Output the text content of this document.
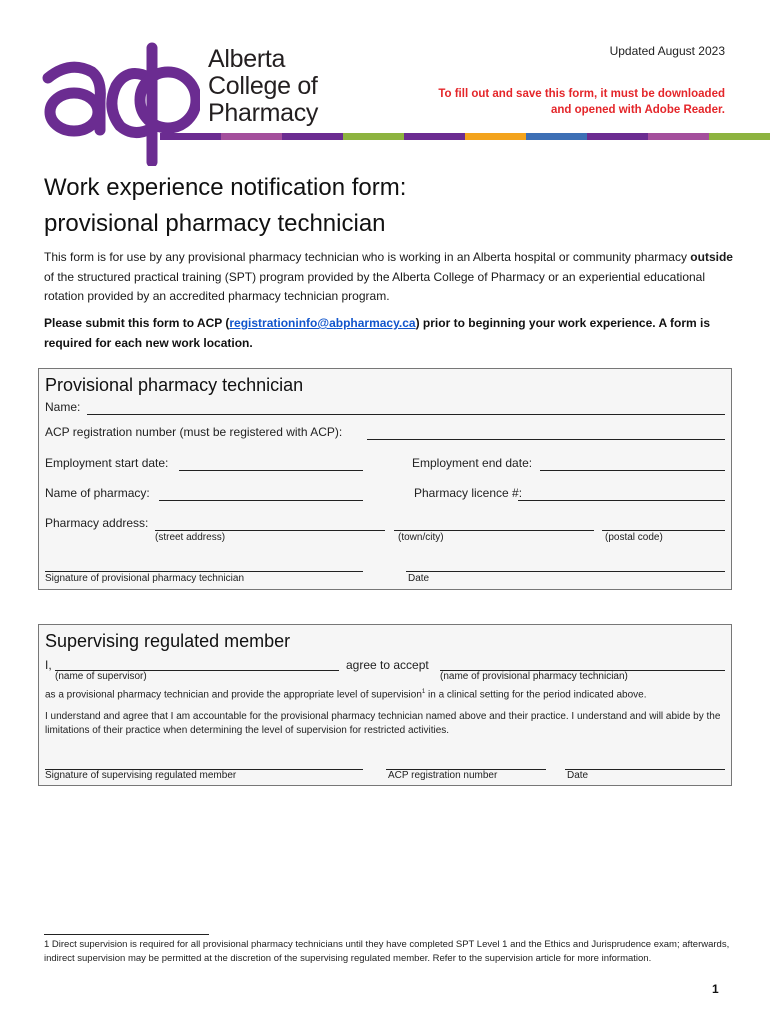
Alberta
College of
Pharmacy
Updated August 2023
To fill out and save this form, it must be downloaded
and opened with Adobe Reader.
Work experience notification form:
provisional pharmacy technician
This form is for use by any provisional pharmacy technician who is working in an Alberta hospital or community pharmacy outside of the structured practical training (SPT) program provided by the Alberta College of Pharmacy or an experiential educational rotation provided by an accredited pharmacy technician program.
Please submit this form to ACP (registrationinfo@abpharmacy.ca) prior to beginning your work experience. A form is required for each new work location.
Provisional pharmacy technician
Name:
ACP registration number (must be registered with ACP):
Employment start date:	Employment end date:
Name of pharmacy:	Pharmacy licence #:
Pharmacy address:
(street address)	(town/city)	(postal code)
Signature of provisional pharmacy technician	Date
Supervising regulated member
I,
(name of supervisor)
agree to accept
(name of provisional pharmacy technician)
as a provisional pharmacy technician and provide the appropriate level of supervision$^1$ in a clinical setting for the period indicated above.
I understand and agree that I am accountable for the provisional pharmacy technician named above and their practice. I understand and will abide by the limitations of their practice when determining the level of supervision for restricted activities.
Signature of supervising regulated member	ACP registration number	Date
1 Direct supervision is required for all provisional pharmacy technicians until they have completed SPT Level 1 and the Ethics and Jurisprudence exam; afterwards, indirect supervision may be permitted at the discretion of the supervising regulated member. Refer to the supervision article for more information.
1
